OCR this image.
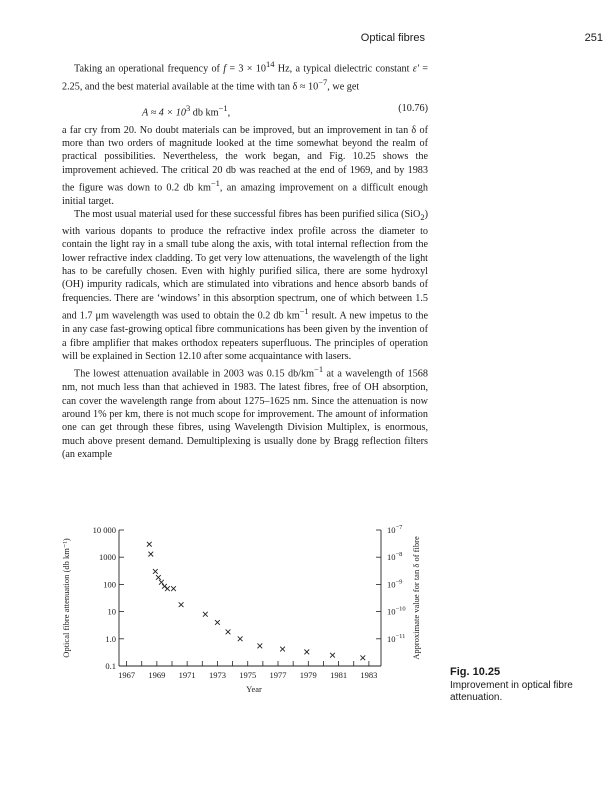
Optical fibres	251

Taking an operational frequency of $f = 3 \times 10^{14}$ Hz, a typical dielectric constant ε′ = 2.25, and the best material available at the time with $\tan \delta \approx 10^{-7}$, we get

$A \approx 4 \times 10^3$ db $km^{-1}$,	(10.76)

a far cry from 20. No doubt materials can be improved, but an improvement in tan δ of more than two orders of magnitude looked at the time somewhat beyond the realm of practical possibilities. Nevertheless, the work began, and Fig. 10.25 shows the improvement achieved. The critical 20 db was reached at the end of 1969, and by 1983 the figure was down to 0.2 db $km^{-1}$, an amazing improvement on a difficult enough initial target.

The most usual material used for these successful fibres has been purified silica (SiO$_2$) with various dopants to produce the refractive index profile across the diameter to contain the light ray in a small tube along the axis, with total internal reflection from the lower refractive index cladding. To get very low attenuations, the wavelength of the light has to be carefully chosen. Even with highly purified silica, there are some hydroxyl (OH) impurity radicals, which are stimulated into vibrations and hence absorb bands of frequencies. There are ‘windows’ in this absorption spectrum, one of which between 1.5 and 1.7 μm wavelength was used to obtain the 0.2 db $km^{-1}$ result. A new impetus to the in any case fast-growing optical fibre communications has been given by the invention of a fibre amplifier that makes orthodox repeaters superfluous. The principles of operation will be explained in Section 12.10 after some acquaintance with lasers.

The lowest attenuation available in 2003 was 0.15 $db/km^{-1}$ at a wavelength of 1568 nm, not much less than that achieved in 1983. The latest fibres, free of OH absorption, can cover the wavelength range from about 1275–1625 nm. Since the attenuation is now around 1% per km, there is not much scope for improvement. The amount of information one can get through these fibres, using Wavelength Division Multiplex, is enormous, much above present demand. Demultiplexing is usually done by Bragg reflection filters (an example

0.1
1.0
10
100
1000
10 000	$10^{-7}$
$10^{-8}$
$10^{-9}$
$10^{-10}$
$10^{-11}$
1967 1969 1971 1973 1975 1977 1979 1981 1983
Year
Optical fibre attenuation (db km⁻¹)	Approximate value for tan δ of fibre
Fig. 10.25
Improvement in optical fibre attenuation.
